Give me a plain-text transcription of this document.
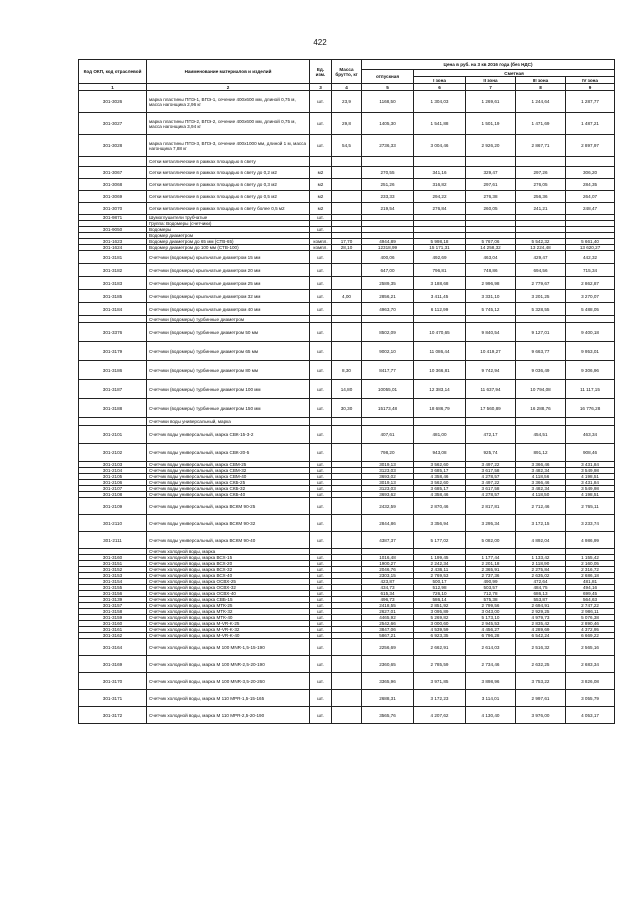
422
Код ОКП, код отраслевой	Наименование материалов и изделий	Ед. изм.	Масса брутто, кг	Цена в руб. на 3 кв 2016 года (без НДС)				
				отпускная	Сметная			
					I зона	II зона	III зона	IV зона
1	2	3	4	5	6	7	8	9
301-3026	марка пластины ППЭ-1, ВПЭ-1, сечение 400х600 мм, длиной 0,75 м, масса нагонщика 2,96 кг	шт.	23,9	1168,50	1 304,03	1 269,61	1 244,64	1 287,77
301-3027	марка пластины ППЭ-2, ВПЭ-2, сечение 400х600 мм, длиной 0,75 м, масса нагонщика 3,94 кг	шт.	29,8	1405,30	1 541,88	1 501,19	1 471,69	1 487,21
301-3028	марка пластины ППЭ-3, ВПЭ-3, сечение 400х1000 мм, длиной 1 м, масса нагонщика 7,88 кг	шт.	54,5	2736,33	3 004,46	2 926,20	2 867,71	2 897,97
	Сетки металлические в рамках площадью в свету							
301-3067	Сетки металлические в рамках площадью в свету до 0,2 м2	м2		270,55	341,16	329,47	297,26	306,20
301-3068	Сетки металлические в рамках площадью в свету до 0,3 м2	м2		251,26	316,82	297,61	276,05	284,35
301-3069	Сетки металлические в рамках площадью в свету до 0,5 м2	м2		233,33	294,22	276,38	256,36	264,07
301-3070	Сетки металлические в рамках площадью в свету более 0,5 м2	м2		219,54	276,84	260,05	241,21	248,47
301-9871	Шумоглушители трубчатые	шт.						
	Группа: Водомеры (счетчики)							
301-9050	Водомеры	шт.						
	Водомер диаметром							
301-1623	Водомер диаметром до 65 мм (СТВ-65)	компл.	17,70	4944,89	5 998,18	5 767,06	5 542,32	5 661,40
301-1624	Водомер диаметром до 100 мм (СТВ-100)	компл.	28,10	12318,99	15 171,31	14 258,32	13 224,48	13 620,27
301-3181	Счетчики (водомеры) крыльчатые диаметром 15 мм	шт.		400,06	492,69	463,04	429,47	442,32
301-3182	Счетчики (водомеры) крыльчатые диаметром 20 мм	шт.		647,00	796,81	748,86	694,56	715,34
301-3183	Счетчики (водомеры) крыльчатые диаметром 25 мм	шт.		2589,35	3 188,68	2 996,98	2 779,67	2 862,87
301-3185	Счетчики (водомеры) крыльчатые диаметром 32 мм	шт.	4,00	2856,21	3 411,45	3 331,10	3 201,25	3 270,07
301-3184	Счетчики (водомеры) крыльчатые диаметром 40 мм	шт.		4963,70	6 112,99	5 745,12	5 328,55	5 488,05
	Счетчики (водомеры) турбинные диаметром							
301-3376	Счетчики (водомеры) турбинные диаметром 50 мм	шт.		8502,09	10 470,65	9 840,54	9 127,01	9 400,18
301-3179	Счетчики (водомеры) турбинные диаметром 65 мм	шт.		9002,10	11 086,44	10 419,27	9 663,77	9 953,01
301-3186	Счетчики (водомеры) турбинные диаметром 80 мм	шт.	8,30	8417,77	10 366,81	9 742,94	9 036,49	9 306,96
301-3187	Счетчики (водомеры) турбинные диаметром 100 мм	шт.	14,80	10055,01	12 383,14	11 637,94	10 794,08	11 117,15
301-3188	Счетчики (водомеры) турбинные диаметром 150 мм	шт.	30,30	15173,48	18 686,79	17 560,89	16 288,76	16 776,28
	Счетчики воды универсальный, марка							
301-2101	Счетчик воды универсальный, марка СВК-15-3-2	шт.		407,61	481,00	472,17	454,51	463,34
301-2102	Счетчик воды универсальный, марка СВК-20-5	шт.		798,20	943,08	925,74	891,12	908,46
301-2103	Счетчик воды универсальный, марка СВМ-25	шт.		3019,13	3 562,60	3 497,22	3 366,46	3 431,84
301-2104	Счетчик воды универсальный, марка СВМ-32	шт.		3123,03	3 685,17	3 617,58	3 482,34	3 549,98
301-2105	Счетчик воды универсальный, марка СВМ-40	шт.		3693,02	4 358,46	4 278,57	4 118,56	4 198,51
301-2106	Счетчик воды универсальный, марка СКБ-25	шт.		3019,13	3 562,60	3 497,22	3 366,46	3 431,84
301-2107	Счетчик воды универсальный, марка СКБ-32	шт.		3123,03	3 685,17	3 617,58	3 482,34	3 549,98
301-2108	Счетчик воды универсальный, марка СКБ-40	шт.		3693,62	4 358,46	4 278,57	4 118,50	4 198,51
301-2109	Счетчик воды универсальный, марка ВСКМ 90-25	шт.		2432,59	2 870,46	2 817,81	2 712,46	2 765,11
301-2110	Счетчик воды универсальный, марка ВСКМ 90-32	шт.		2844,86	3 356,94	3 295,34	3 172,15	3 233,74
301-2111	Счетчик воды универсальный, марка ВСКМ 90-40	шт.		4387,37	5 177,02	5 082,00	4 892,04	4 986,99
	Счетчик холодной воды, марка							
301-3160	Счетчик холодной воды, марка ВСХ-15	шт.		1016,48	1 199,45	1 177,44	1 133,42	1 155,42
301-3151	Счетчик холодной воды, марка ВСХ-20	шт.		1900,27	2 242,34	2 201,18	2 118,90	2 160,05
301-3152	Счетчик холодной воды, марка ВСХ-32	шт.		2046,76	2 436,11	2 365,91	2 275,84	2 316,72
301-3153	Счетчик холодной воды, марка ВСХ-40	шт.		2303,15	2 769,53	2 737,36	2 635,02	2 686,18
301-3154	Счетчик холодной воды, марка ОСВХ-25	шт.		423,87	500,17	490,99	472,64	481,81
301-3155	Счетчик холодной воды, марка ОСВХ-32	шт.		434,73	512,98	503,57	484,75	494,16
301-3156	Счетчик холодной воды, марка ОСВХ-40	шт.		615,34	726,10	712,78	686,13	699,45
301-3139	Счетчик холодной воды, марка СВБ-15	шт.		496,73	586,14	575,38	553,87	564,63
301-3157	Счетчик холодной воды, марка МТК-25	шт.		2418,55	2 851,92	2 799,56	2 694,91	2 747,22
301-3158	Счетчик холодной воды, марка МТК-32	шт.		2627,01	3 095,89	3 043,00	2 929,25	2 986,11
301-3159	Счетчик холодной воды, марка МТК-40	шт.		4465,92	5 269,82	5 173,10	4 979,73	5 076,38
301-3160	Счетчик холодной воды, марка M-VR-K-25	шт.		2542,66	3 000,60	2 945,53	2 835,42	2 890,46
301-3161	Счетчик холодной воды, марка M-VR-K-32	шт.		3847,06	4 539,59	4 456,27	4 289,69	4 372,95
301-3162	Счетчик холодной воды, марка M-VR-K-40	шт.		5867,21	6 923,35	6 796,28	6 542,24	6 669,22
301-3164	Счетчик холодной воды, марка М 100 MNR-1,5-15-190	шт.		2256,69	2 662,91	2 614,03	2 516,32	2 565,16
301-3169	Счетчик холодной воды, марка М 100 MNR-2,5-20-190	шт.		2360,65	2 785,59	2 734,46	2 632,25	2 683,34
301-3170	Счетчик холодной воды, марка М 100 MNR-3,5-20-260	шт.		3365,96	3 971,85	3 898,96	3 753,22	3 826,08
301-3171	Счетчик холодной воды, марка М 110 MPR-1,5-15-165	шт.		2688,31	3 172,23	3 114,01	2 997,61	3 055,79
301-3172	Счетчик холодной воды, марка М 110 MPR-2,5-20-190	шт.		3565,76	4 207,62	4 130,40	3 976,00	4 053,17
